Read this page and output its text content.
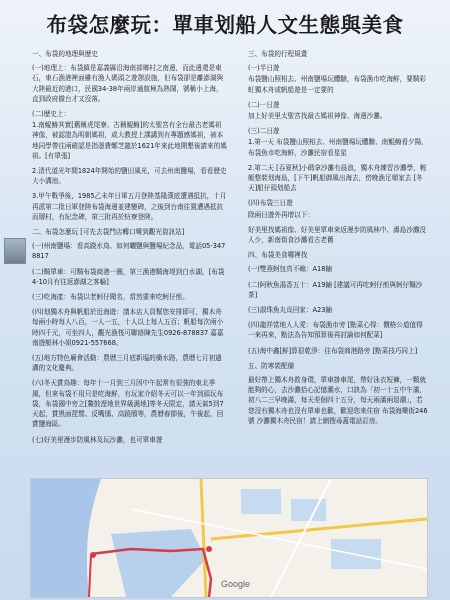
布袋怎麼玩：單車划船人文生態與美食
一、布袋的地理與歷史
(一)地理上：布袋鎮是嘉義縣沿海南部鄉村之南邊，而此邊還是東石，東石漁港裡面雖有漁人碼頭之遊憩設施，但布袋卻是離澎湖與大陸最近的港口，民國34-38年兩岸通航極為熱鬧，號稱小上海，直到政府撤台才又沒落。
(二)歷史上：
1.南鯤鯓其實[舊稱虎尾寮、古稱鯤鯓]的太聖宮有全台最古老媽祖神像，被認證為明朝媽祖，或大教授上課講到有專題感媽祖，被本地同學帶往兩確認是指憑費鄭芝龍於1621年來此地開墾後請來的媽祖。[有單張]
2.清代道光年間1824年開始的鹽田風光，可去州南鹽場，看看歷史大小溝池。
3.甲午戰爭後，1985乙未年日軍五月登陸基隆漢底遭遇抵抗，十月再派第二批日軍登陸布袋海邊並建變碑，之後到台南往置遭遇抵抗而層村，有紀念碑，第三批再於枋寮登陸。
二、布袋怎麼玩 [可先去袋門店轉口彎到觀光資訊站]
(一)州南鹽場：看高跷水鳥、如何曬鹽與鹽場紀念品，電話05-3478817
(二)騎單車：可騎布袋商港一圈，第三漁港騎海堤到白水湖，[布袋4-10月有往返澎湖之客輪]
(三)吃海產：布袋以老蚵仔聞名，當然要來吃蚵仔煎。
(四)划獨木舟與帆船於近海遊：請本店人員幫您安排即可，獨木舟每兩小時每人八百，一人一五，十人以上每人五百；帆船每次兩小時四千元，可坐四人，觀光漁筏可聯絡陳先生0926-878837 嘉嘉南遊艇林小姐0921-557668。
(五)地方特色廟會活動：農曆三月底新塭的衝水路，農曆七月初過溝的文化慶典。
(六)冬天賞鳥趣：每年十一月到三月因中午起常有很強的東北季風，但來布袋不用只是吃海鮮，有玩家介紹冬天可以一年到頭玩布袋，布袋國中旁之[鰲鼓溼地世界級濕地]等冬天限定，請天氣5到7天起，賞黑面琵鷺、反嘴鴴、高蹺鴴等，農曆春節後，午後起，回賞鹽海區。
(七)好美里漫步防風林及玩沙灘，也可單車遊
三、布袋的行程規畫
(一)半日遊
布袋鹽山照相去、州南鹽場玩體驗，布袋漁市吃海鮮，要騎彩虹獨木舟或帆船遊是一定要的
(二)一日遊
加上好美里太聖宮找最古媽祖神像、海邊沙灘。
(三)二日遊
1.第一天 布袋鹽山照相去、州南鹽場玩體驗、南鯤鯓看夕陽，布袋魚市吃海鮮，沙灘民宿看星星
2.第二天 [吞夏秋]小碼拿沙灘有晨浪，獨木舟練習沙灘學，輕艇整裝划海島，[下午]帆船御風出海去，傍晚漁足順家去 [冬天]船仔頭划船去
(四)布袋三日遊
除兩日遊外再增以下：
好美里找媽祖像、好美里單車來返漫步防風林中、壽島沙灘沒人少，新南街食沙灘看古老舊
四、布袋美食哪裡找
(一)雙燕蚵包真不賴：A18鋪
(二)阿秋魚湯香五十：A19鋪 [建議可再吃蚵仔煎與蚵仔麵沙茶]
(三)淑珠魚丸貢回家：A23鋪
(四)龍祥當地人人愛：布袋漁市旁 [點菜心得：價格公道值得一來再來，點法為告知預算後再討論如何配菜]
(五)海中鑫[鮮]算很乾淨：往布袋商港路旁 [點菜技巧同上]
五、防寒裝配備
最好帶上獨木舟救身環，單車掛車尾，帶好泳衣短褲，一顆就能夠的心，去沙灘拾心記憶潮水，口訣為「初一十五中午滿，初八二三早晚滿，每天差個四十五分，每天兩滿兩退潮」，若您沒有獨木舟也沒有單車也歡，歡迎您來住宿 布袋海樂街246號 沙灘獨木舟民宿！請上網搜尋蓋電話訂房。
Google
